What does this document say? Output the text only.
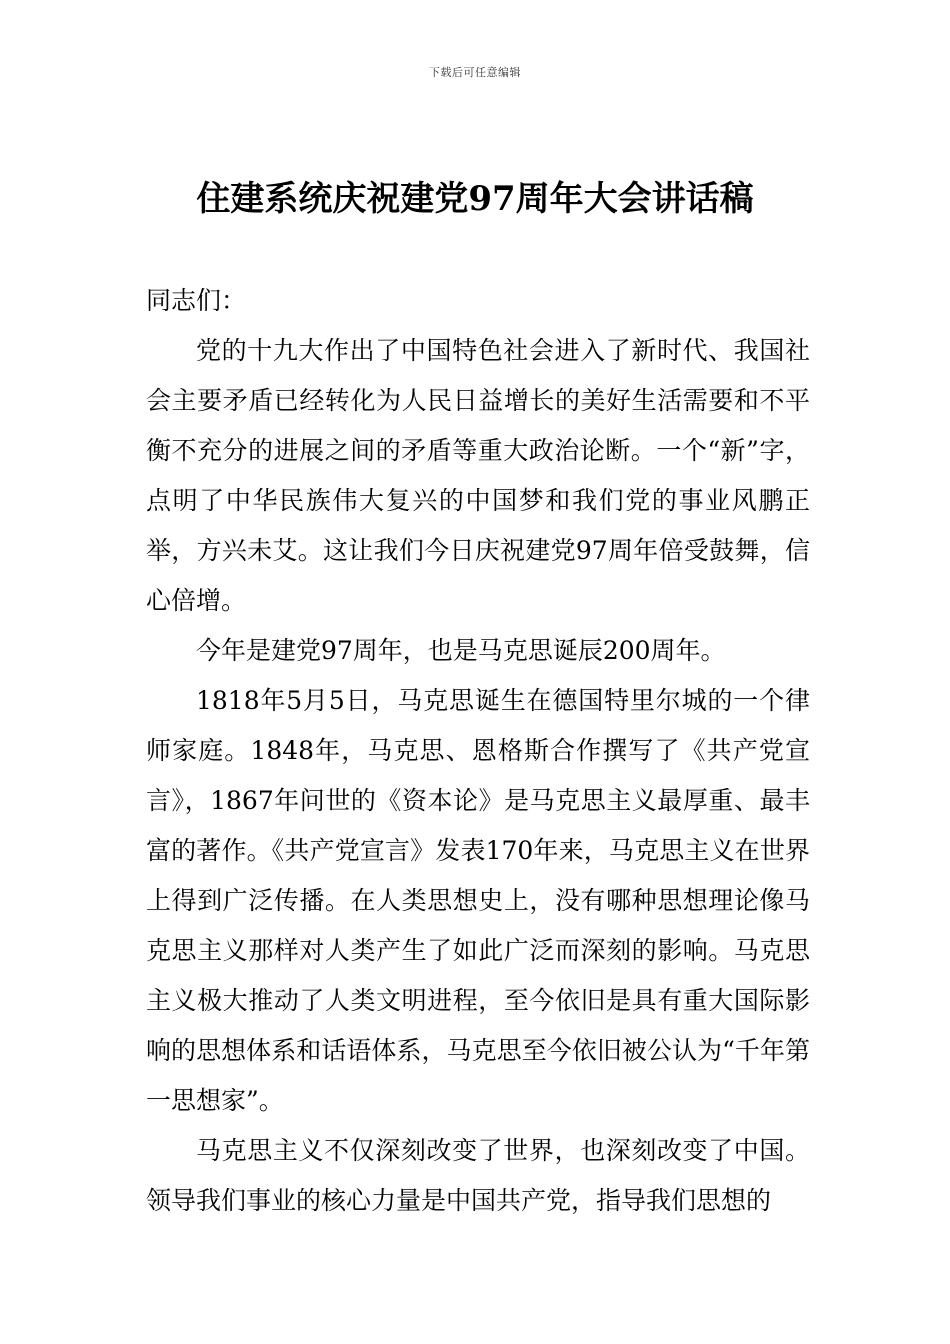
下载后可任意编辑
住建系统庆祝建党97周年大会讲话稿

同志们：

党的十九大作出了中国特色社会进入了新时代、我国社会主要矛盾已经转化为人民日益增长的美好生活需要和不平衡不充分的进展之间的矛盾等重大政治论断。一个“新”字，点明了中华民族伟大复兴的中国梦和我们党的事业风鹏正举，方兴未艾。这让我们今日庆祝建党97周年倍受鼓舞，信心倍增。

今年是建党97周年，也是马克思诞辰200周年。

1818年5月5日，马克思诞生在德国特里尔城的一个律师家庭。1848年，马克思、恩格斯合作撰写了《共产党宣言》，1867年问世的《资本论》是马克思主义最厚重、最丰富的著作。《共产党宣言》发表170年来，马克思主义在世界上得到广泛传播。在人类思想史上，没有哪种思想理论像马克思主义那样对人类产生了如此广泛而深刻的影响。马克思主义极大推动了人类文明进程，至今依旧是具有重大国际影响的思想体系和话语体系，马克思至今依旧被公认为“千年第一思想家”。

马克思主义不仅深刻改变了世界，也深刻改变了中国。领导我们事业的核心力量是中国共产党，指导我们思想的
